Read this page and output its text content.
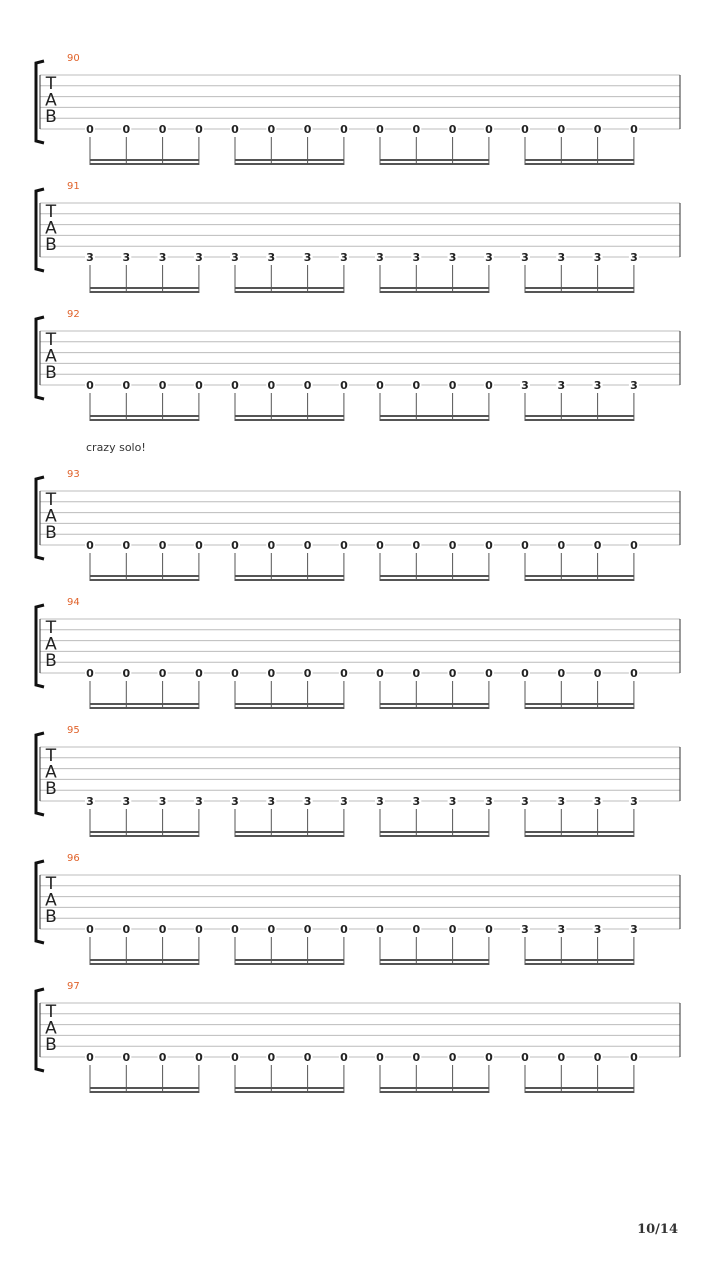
90
T
A
B
0	0	0	0	0	0	0	0	0	0	0	0	0	0	0	0
91
T
A
B
3	3	3	3	3	3	3	3	3	3	3	3	3	3	3	3
92
T
A
B
0	0	0	0	0	0	0	0	0	0	0	0	3	3	3	3
93
crazy solo!
T
A
B
0	0	0	0	0	0	0	0	0	0	0	0	0	0	0	0
94
T
A
B
0	0	0	0	0	0	0	0	0	0	0	0	0	0	0	0
95
T
A
B
3	3	3	3	3	3	3	3	3	3	3	3	3	3	3	3
96
T
A
B
0	0	0	0	0	0	0	0	0	0	0	0	3	3	3	3
97
T
A
B
0	0	0	0	0	0	0	0	0	0	0	0	0	0	0	0
10/14
